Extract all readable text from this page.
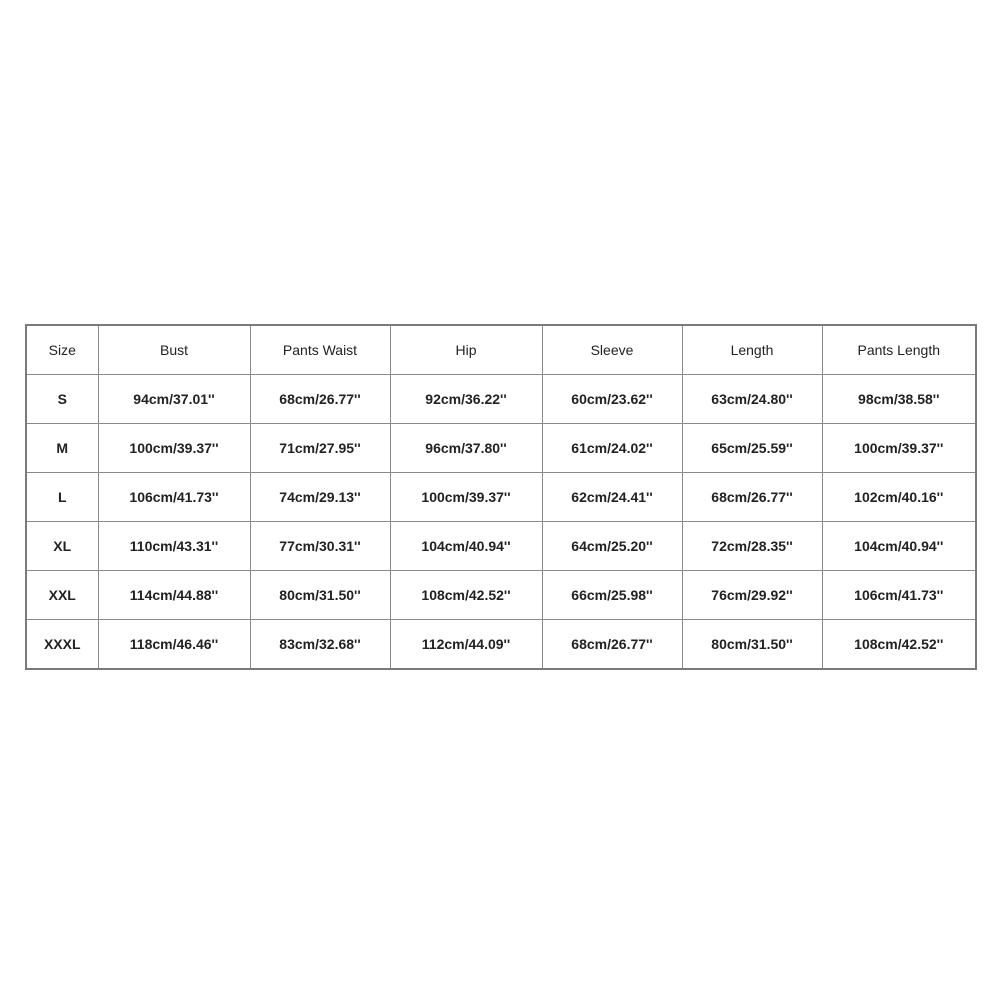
Size	Bust	Pants Waist	Hip	Sleeve	Length	Pants Length
S	94cm/37.01''	68cm/26.77''	92cm/36.22''	60cm/23.62''	63cm/24.80''	98cm/38.58''
M	100cm/39.37''	71cm/27.95''	96cm/37.80''	61cm/24.02''	65cm/25.59''	100cm/39.37''
L	106cm/41.73''	74cm/29.13''	100cm/39.37''	62cm/24.41''	68cm/26.77''	102cm/40.16''
XL	110cm/43.31''	77cm/30.31''	104cm/40.94''	64cm/25.20''	72cm/28.35''	104cm/40.94''
XXL	114cm/44.88''	80cm/31.50''	108cm/42.52''	66cm/25.98''	76cm/29.92''	106cm/41.73''
XXXL	118cm/46.46''	83cm/32.68''	112cm/44.09''	68cm/26.77''	80cm/31.50''	108cm/42.52''
